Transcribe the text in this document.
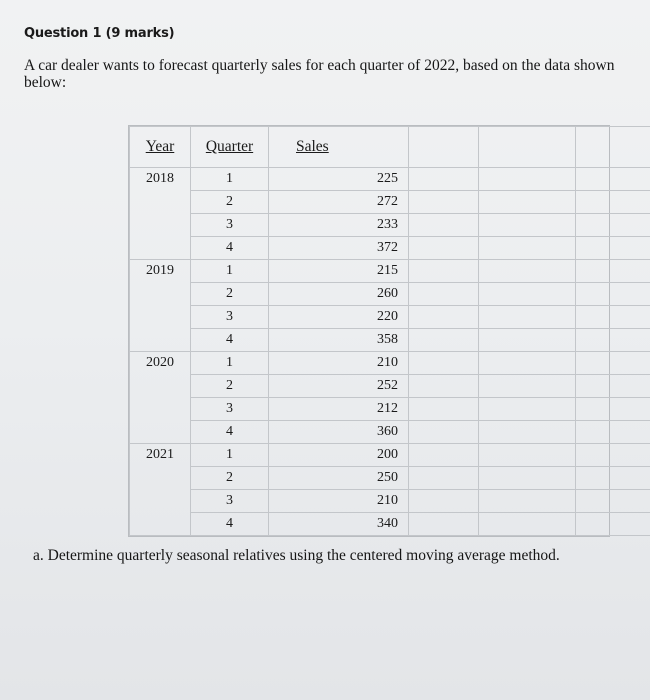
Question 1 (9 marks)
A car dealer wants to forecast quarterly sales for each quarter of 2022, based on the data shown below:
Year	Quarter	Sales			
2018	1	225			
	2	272			
	3	233			
	4	372			
2019	1	215			
	2	260			
	3	220			
	4	358			
2020	1	210			
	2	252			
	3	212			
	4	360			
2021	1	200			
	2	250			
	3	210			
	4	340			
a. Determine quarterly seasonal relatives using the centered moving average method.
